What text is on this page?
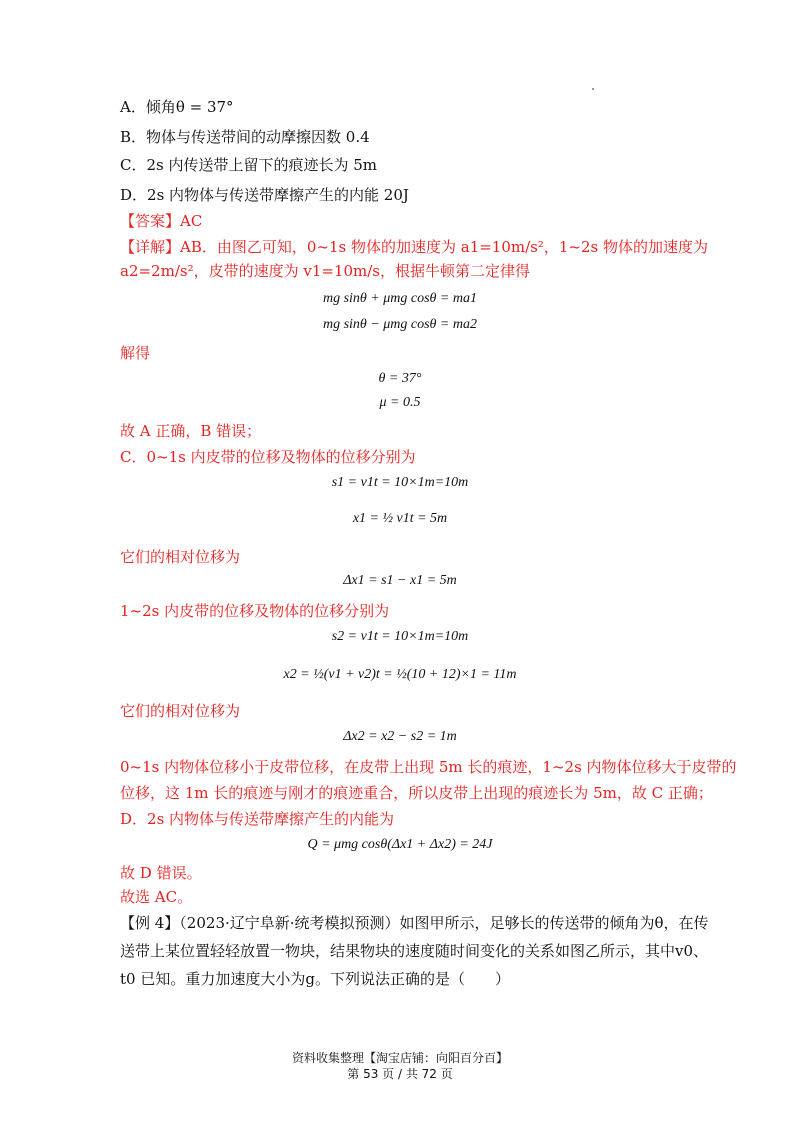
A．倾角θ = 37°
B．物体与传送带间的动摩擦因数 0.4
C．2s 内传送带上留下的痕迹长为 5m
D．2s 内物体与传送带摩擦产生的内能 20J
【答案】AC
【详解】AB．由图乙可知，0~1s 物体的加速度为 a1=10m/s²，1~2s 物体的加速度为
a2=2m/s²，皮带的速度为 v1=10m/s，根据牛顿第二定律得
mg sinθ + μmg cosθ = ma1
mg sinθ − μmg cosθ = ma2
解得
θ = 37°
μ = 0.5
故 A 正确，B 错误；
C．0~1s 内皮带的位移及物体的位移分别为
s1 = v1t = 10×1m=10m
x1 = ½ v1t = 5m
它们的相对位移为
Δx1 = s1 − x1 = 5m
1~2s 内皮带的位移及物体的位移分别为
s2 = v1t = 10×1m=10m
x2 = ½(v1 + v2)t = ½(10 + 12)×1 = 11m
它们的相对位移为
Δx2 = x2 − s2 = 1m
0~1s 内物体位移小于皮带位移，在皮带上出现 5m 长的痕迹，1~2s 内物体位移大于皮带的
位移，这 1m 长的痕迹与刚才的痕迹重合，所以皮带上出现的痕迹长为 5m，故 C 正确；
D．2s 内物体与传送带摩擦产生的内能为
Q = μmg cosθ(Δx1 + Δx2) = 24J
故 D 错误。
故选 AC。
【例 4】（2023·辽宁阜新·统考模拟预测）如图甲所示，足够长的传送带的倾角为θ，在传
送带上某位置轻轻放置一物块，结果物块的速度随时间变化的关系如图乙所示，其中v0、
t0 已知。重力加速度大小为g。下列说法正确的是（　　）
资料收集整理【淘宝店铺：向阳百分百】
第 53 页 / 共 72 页
